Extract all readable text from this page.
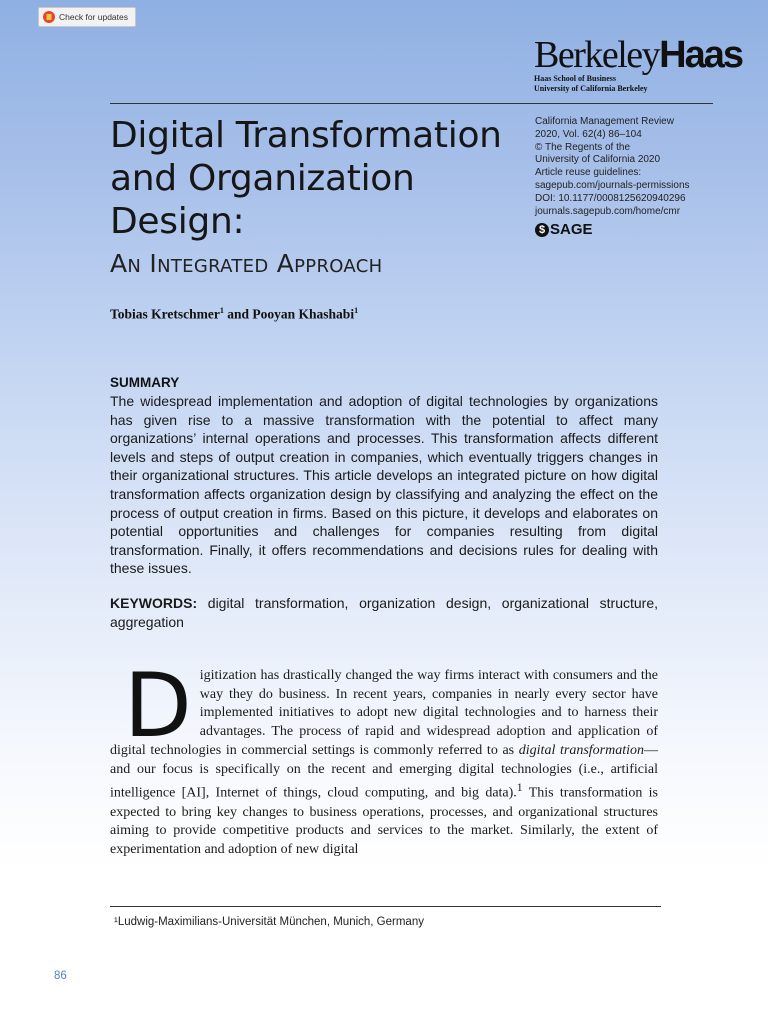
Check for updates
BerkeleyHaas
Haas School of Business
University of California Berkeley
Digital Transformation and Organization Design:
An Integrated Approach
California Management Review
2020, Vol. 62(4) 86–104
© The Regents of the
University of California 2020
Article reuse guidelines:
sagepub.com/journals-permissions
DOI: 10.1177/0008125620940296
journals.sagepub.com/home/cmr
$ SAGE
Tobias Kretschmer$^1$ and Pooyan Khashabi$^1$
SUMMARY
The widespread implementation and adoption of digital technologies by organizations has given rise to a massive transformation with the potential to affect many organizations’ internal operations and processes. This transformation affects different levels and steps of output creation in companies, which eventually triggers changes in their organizational structures. This article develops an integrated picture on how digital transformation affects organization design by classifying and analyzing the effect on the process of output creation in firms. Based on this picture, it develops and elaborates on potential opportunities and challenges for companies resulting from digital transformation. Finally, it offers recommendations and decisions rules for dealing with these issues.
KEYWORDS: digital transformation, organization design, organizational structure, aggregation
Digitization has drastically changed the way firms interact with consumers and the way they do business. In recent years, companies in nearly every sector have implemented initiatives to adopt new digital technologies and to harness their advantages. The process of rapid and widespread adoption and application of digital technologies in commercial settings is commonly referred to as digital transformation—and our focus is specifically on the recent and emerging digital technologies (i.e., artificial intelligence [AI], Internet of things, cloud computing, and big data).$^1$ This transformation is expected to bring key changes to business operations, processes, and organizational structures aiming to provide competitive products and services to the market. Similarly, the extent of experimentation and adoption of new digital
¹Ludwig-Maximilians-Universität München, Munich, Germany
86
